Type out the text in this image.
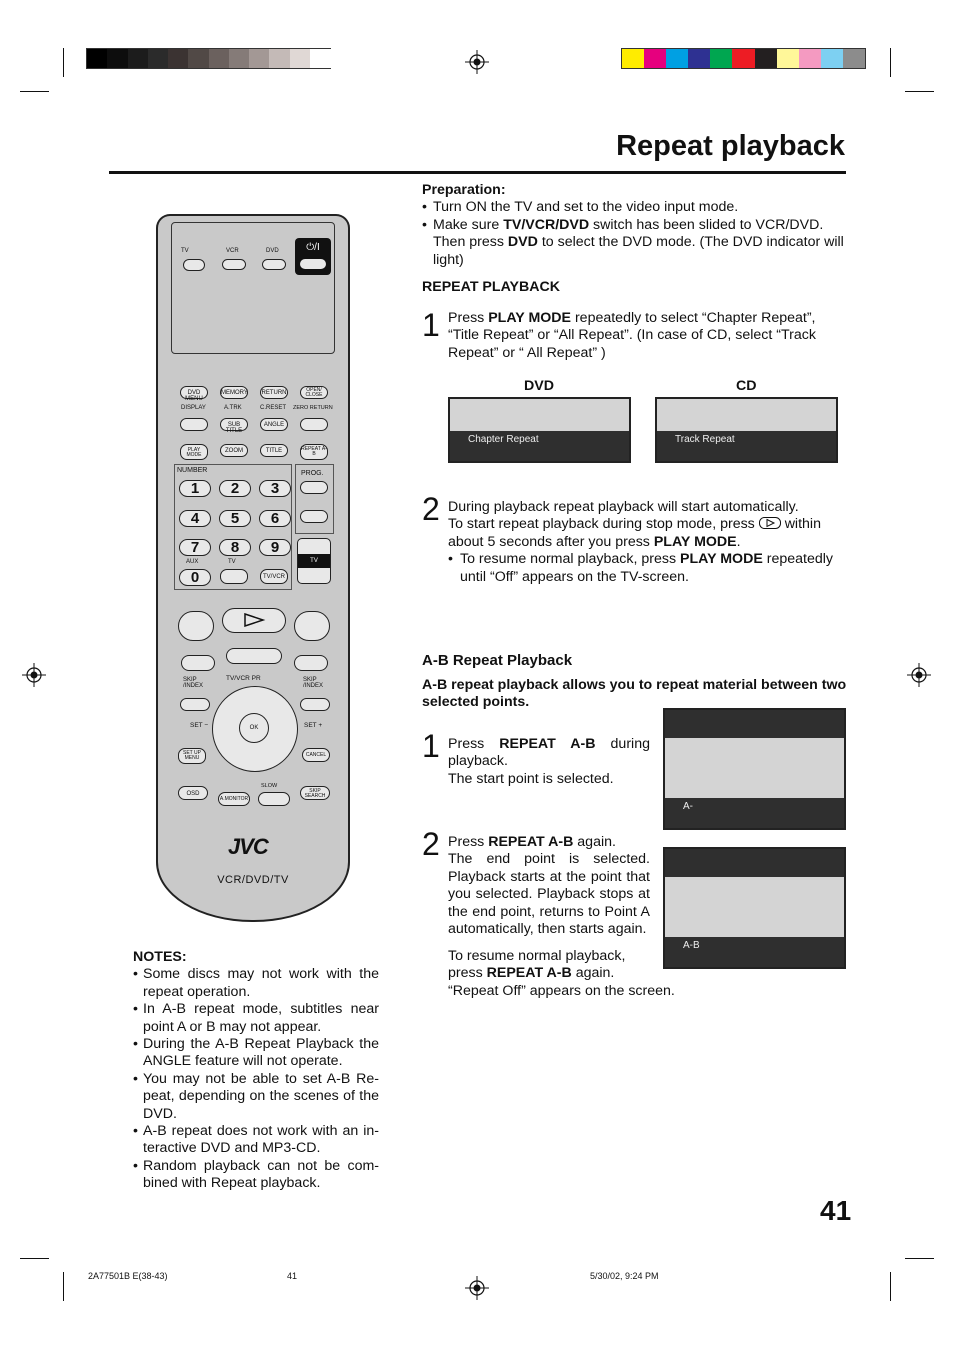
Repeat playback
Preparation:
• Turn ON the TV and set to the video input mode.
• Make sure TV/VCR/DVD switch has been slided to VCR/DVD. Then press DVD to select the DVD mode. (The DVD indicator will light)
REPEAT PLAYBACK
1 Press PLAY MODE repeatedly to select “Chapter Repeat”, “Title Repeat” or “All Repeat”. (In case of CD, select “Track Repeat” or “ All Repeat” )
DVD	CD
Chapter Repeat	Track Repeat
2 During playback repeat playback will start automatically.
To start repeat playback during stop mode, press within about 5 seconds after you press PLAY MODE.
• To resume normal playback, press PLAY MODE repeatedly until “Off” appears on the TV-screen.
A-B Repeat Playback
A-B repeat playback allows you to repeat material between two selected points.
A-
A-B
1 Press REPEAT A-B during playback.
The start point is selected.
2 Press REPEAT A-B again.
The end point is selected. Playback starts at the point that you selected. Playback stops at the end point, returns to Point A automatically, then starts again.
To resume normal playback,
press REPEAT A-B again.
“Repeat Off” appears on the screen.
NOTES:
• Some discs may not work with the repeat operation.
• In A-B repeat mode, subtitles near point A or B may not appear.
• During the A-B Repeat Playback the ANGLE feature will not operate.
• You may not be able to set A-B Re-peat, depending on the scenes of the DVD.
• A-B repeat does not work with an in-teractive DVD and MP3-CD.
• Random playback can not be com-bined with Repeat playback.
41
2A77501B E(38-43)	41	5/30/02, 9:24 PM
TV	VCR	DVD	⏻/I
DVD MENU
MEMORY RETURN	OPEN/ CLOSE
DISPLAY	A.TRK	C.RESET ZERO RETURN
SUB TITLE
ANGLE
PLAY MODE
ZOOM	TITLE	REPEAT A-B
NUMBER	PROG.
1	2	3
4	5	6
7	8	9
AUX	TV
0	TV/VCR
TV
SKIP /INDEX
SKIP /INDEX
TV/VCR PR
OK
SET −	SET +
SET UP MENU	CANCEL
OSD
A.MONITOR
SLOW
SKIP SEARCH
JVC
VCR/DVD/TV
